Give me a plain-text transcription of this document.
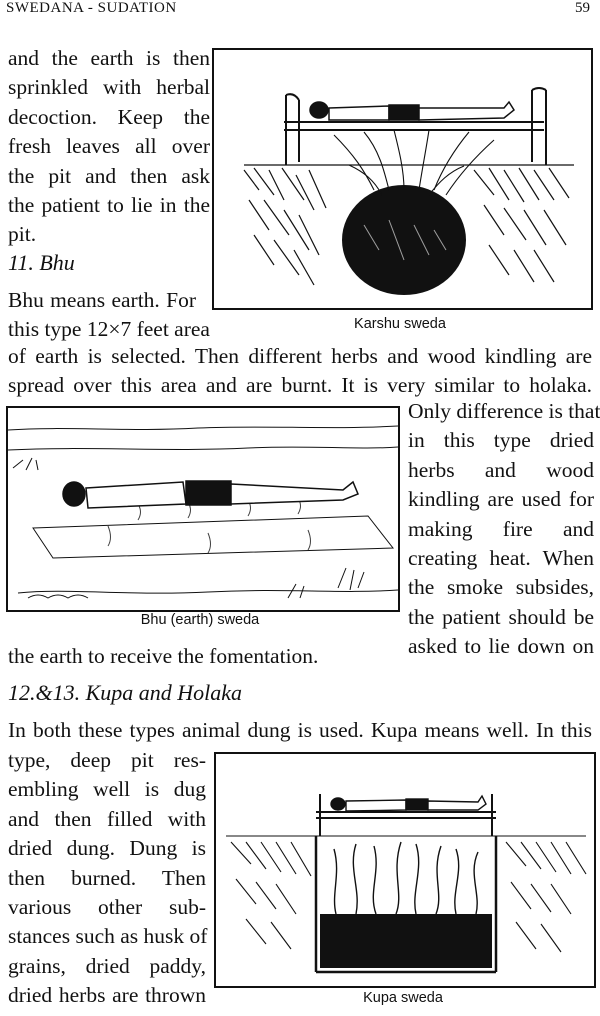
SWEDANA - SUDATION	59
and the earth is then
sprinkled with herbal
decoction. Keep the
fresh leaves all over
the pit and then ask
the patient to lie in the
pit.
11. Bhu
Bhu means earth. For
this type 12×7 feet area	Karshu sweda
of earth is selected. Then different herbs and wood kindling are
spread over this area and are burnt. It is very similar to holaka.
Bhu (earth) sweda
Only difference is that
in this type dried
herbs and wood
kindling are used for
making fire and
creating heat. When
the smoke subsides,
the patient should be
asked to lie down on
the earth to receive the fomentation.
12.&13. Kupa and Holaka
In both these types animal dung is used. Kupa means well. In this
type, deep pit res-
embling well is dug
and then filled with
dried dung. Dung is
then burned. Then
various other sub-
stances such as husk of
grains, dried paddy,
dried herbs are thrown	Kupa sweda
